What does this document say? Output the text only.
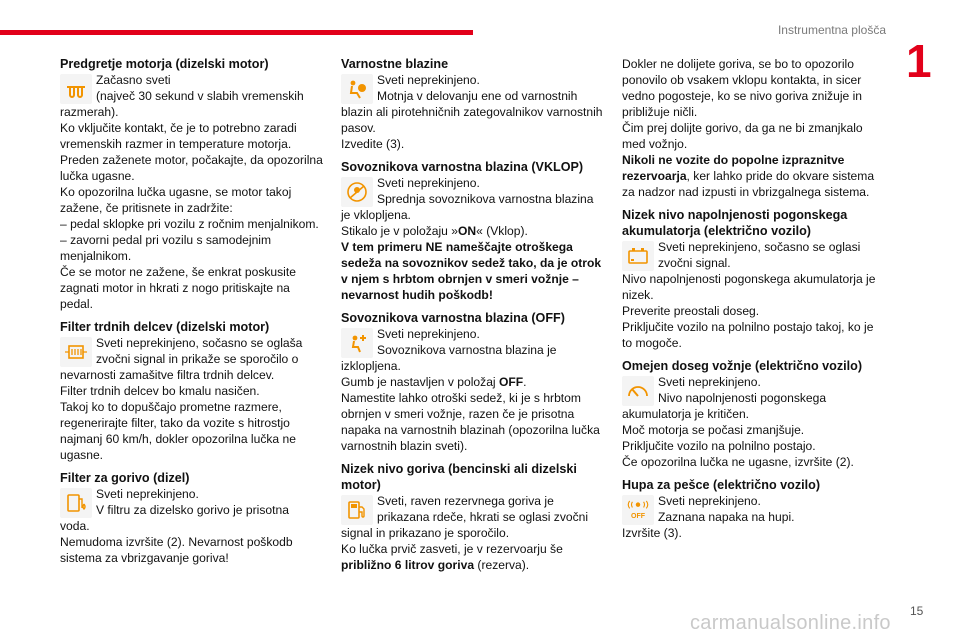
Instrumentna plošča
1
Predgretje motorja (dizelski motor)
Začasno sveti
(največ 30 sekund v slabih vremenskih
razmerah).
Ko vključite kontakt, če je to potrebno zaradi
vremenskih razmer in temperature motorja.
Preden zaženete motor, počakajte, da opozorilna
lučka ugasne.
Ko opozorilna lučka ugasne, se motor takoj
zažene, če pritisnete in zadržite:
– pedal sklopke pri vozilu z ročnim menjalnikom.
– zavorni pedal pri vozilu s samodejnim
menjalnikom.
Če se motor ne zažene, še enkrat poskusite
zagnati motor in hkrati z nogo pritiskajte na
pedal.
Filter trdnih delcev (dizelski motor)
Sveti neprekinjeno, sočasno se oglaša
zvočni signal in prikaže se sporočilo o
nevarnosti zamašitve filtra trdnih delcev.
Filter trdnih delcev bo kmalu nasičen.
Takoj ko to dopuščajo prometne razmere,
regenerirajte filter, tako da vozite s hitrostjo
najmanj 60 km/h, dokler opozorilna lučka ne
ugasne.
Filter za gorivo (dizel)
Sveti neprekinjeno.
V filtru za dizelsko gorivo je prisotna
voda.
Nemudoma izvršite (2). Nevarnost poškodb
sistema za vbrizgavanje goriva!
Varnostne blazine
Sveti neprekinjeno.
Motnja v delovanju ene od varnostnih
blazin ali pirotehničnih zategovalnikov varnostnih
pasov.
Izvedite (3).
Sovoznikova varnostna blazina (VKLOP)
Sveti neprekinjeno.
Sprednja sovoznikova varnostna blazina
je vklopljena.
Stikalo je v položaju »ON« (Vklop).
V tem primeru NE nameščajte otroškega
sedeža na sovoznikov sedež tako, da je otrok
v njem s hrbtom obrnjen v smeri vožnje –
nevarnost hudih poškodb!
Sovoznikova varnostna blazina (OFF)
Sveti neprekinjeno.
Sovoznikova varnostna blazina je
izklopljena.
Gumb je nastavljen v položaj OFF.
Namestite lahko otroški sedež, ki je s hrbtom
obrnjen v smeri vožnje, razen če je prisotna
napaka na varnostnih blazinah (opozorilna lučka
varnostnih blazin sveti).
Nizek nivo goriva (bencinski ali dizelski
motor)
Sveti, raven rezervnega goriva je
prikazana rdeče, hkrati se oglasi zvočni
signal in prikazano je sporočilo.
Ko lučka prvič zasveti, je v rezervoarju še
približno 6 litrov goriva (rezerva).
Dokler ne dolijete goriva, se bo to opozorilo
ponovilo ob vsakem vklopu kontakta, in sicer
vedno pogosteje, ko se nivo goriva znižuje in
približuje ničli.
Čim prej dolijte gorivo, da ga ne bi zmanjkalo
med vožnjo.
Nikoli ne vozite do popolne izpraznitve
rezervoarja, ker lahko pride do okvare sistema
za nadzor nad izpusti in vbrizgalnega sistema.
Nizek nivo napolnjenosti pogonskega
akumulatorja (električno vozilo)
Sveti neprekinjeno, sočasno se oglasi
zvočni signal.
Nivo napolnjenosti pogonskega akumulatorja je
nizek.
Preverite preostali doseg.
Priključite vozilo na polnilno postajo takoj, ko je
to mogoče.
Omejen doseg vožnje (električno vozilo)
Sveti neprekinjeno.
Nivo napolnjenosti pogonskega
akumulatorja je kritičen.
Moč motorja se počasi zmanjšuje.
Priključite vozilo na polnilno postajo.
Če opozorilna lučka ne ugasne, izvršite (2).
Hupa za pešce (električno vozilo)
OFF
Sveti neprekinjeno.
Zaznana napaka na hupi.
Izvršite (3).
15
carmanualsonline.info
